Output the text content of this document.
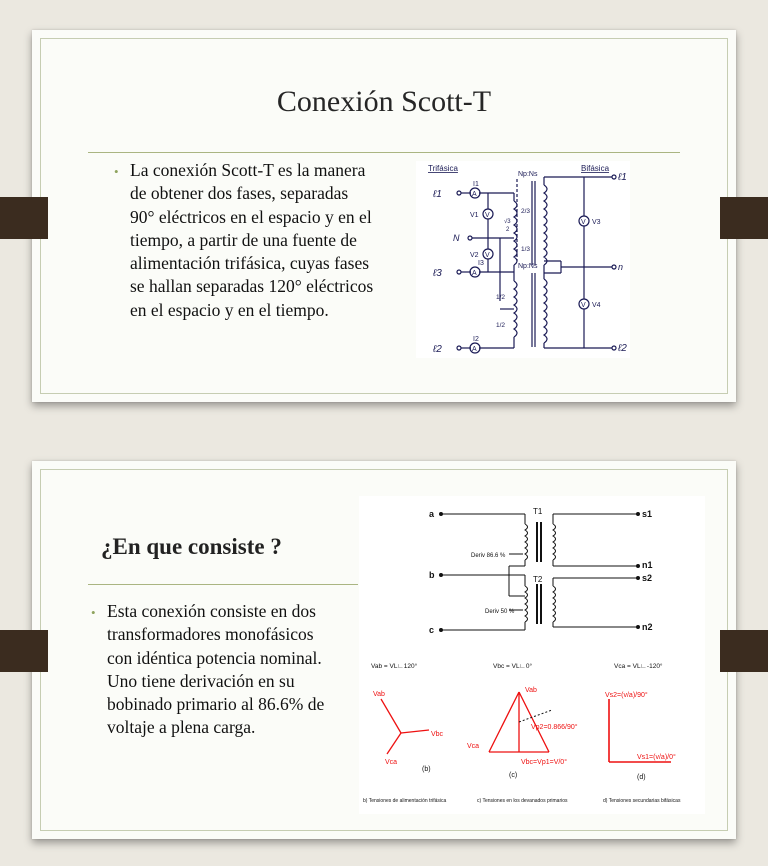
Conexión Scott-T
• La conexión Scott-T es la manera de obtener dos fases, separadas 90° eléctricos en el espacio y en el tiempo, a partir de una fuente de alimentación trifásica, cuyas fases se hallan separadas 120° eléctricos en el espacio y en el tiempo.
Trifásica	Bifásica
Np:Ns
Np:Ns
ℓ1
N
ℓ3
ℓ2
A
A
A
I1
I3
I2
V
V1
V
V2
2/3
√3
2
1/3
1/2
1/2
V V3
V V4
ℓ1
n
ℓ2
¿En que consiste ?
• Esta conexión consiste en dos transformadores monofásicos con idéntica potencia nominal. Uno tiene derivación en su bobinado primario al 86.6% de voltaje a plena carga.
a
b
c
T1
Deriv 86.6 %
s1
n1
T2
Deriv 50 %
s2
n2
Vab = VL∟120°	Vbc = VL∟0°	Vca = VL∟-120°
Vab
Vbc
Vca
(b)
Vab
Vca
Vp2=0.866/90°
Vbc=Vp1=V/0°
(c)
Vs2=(v/a)/90°
Vs1=(v/a)/0°
(d)
b) Tensiones de alimentación trifásica	c) Tensiones en los devanados primarios	d) Tensiones secundarias bifásicas
